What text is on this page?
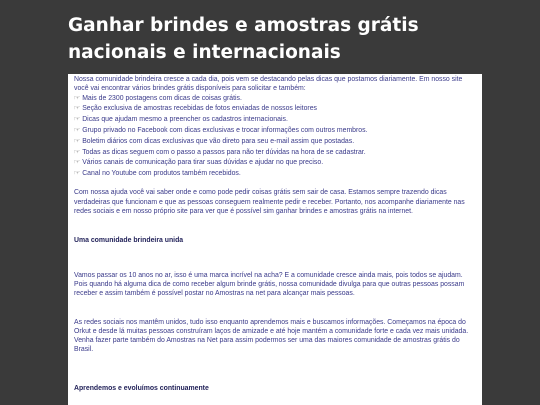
Ganhar brindes e amostras grátis nacionais e internacionais

Nossa comunidade brindeira cresce a cada dia, pois vem se destacando pelas dicas que postamos diariamente. Em nosso site você vai encontrar vários brindes grátis disponíveis para solicitar e também:

☞ Mais de 2300 postagens com dicas de coisas grátis.
☞ Seção exclusiva de amostras recebidas de fotos enviadas de nossos leitores
☞ Dicas que ajudam mesmo a preencher os cadastros internacionais.
☞ Grupo privado no Facebook com dicas exclusivas e trocar informações com outros membros.
☞ Boletim diários com dicas exclusivas que vão direto para seu e-mail assim que postadas.
☞ Todas as dicas seguem com o passo a passos para não ter dúvidas na hora de se cadastrar.
☞ Vários canais de comunicação para tirar suas dúvidas e ajudar no que preciso.
☞ Canal no Youtube com produtos também recebidos.

Com nossa ajuda você vai saber onde e como pode pedir coisas grátis sem sair de casa. Estamos sempre trazendo dicas verdadeiras que funcionam e que as pessoas conseguem realmente pedir e receber. Portanto, nos acompanhe diariamente nas redes sociais e em nosso próprio site para ver que é possível sim ganhar brindes e amostras grátis na internet.

Uma comunidade brindeira unida

Vamos passar os 10 anos no ar, isso é uma marca incrível na acha? E a comunidade cresce ainda mais, pois todos se ajudam. Pois quando há alguma dica de como receber algum brinde grátis, nossa comunidade divulga para que outras pessoas possam receber e assim também é possível postar no Amostras na net para alcançar mais pessoas.

As redes sociais nos mantêm unidos, tudo isso enquanto aprendemos mais e buscamos informações. Começamos na época do Orkut e desde lá muitas pessoas construíram laços de amizade e até hoje mantém a comunidade forte e cada vez mais unidada. Venha fazer parte também do Amostras na Net para assim podermos ser uma das maiores comunidade de amostras grátis do Brasil.

Aprendemos e evoluímos continuamente
